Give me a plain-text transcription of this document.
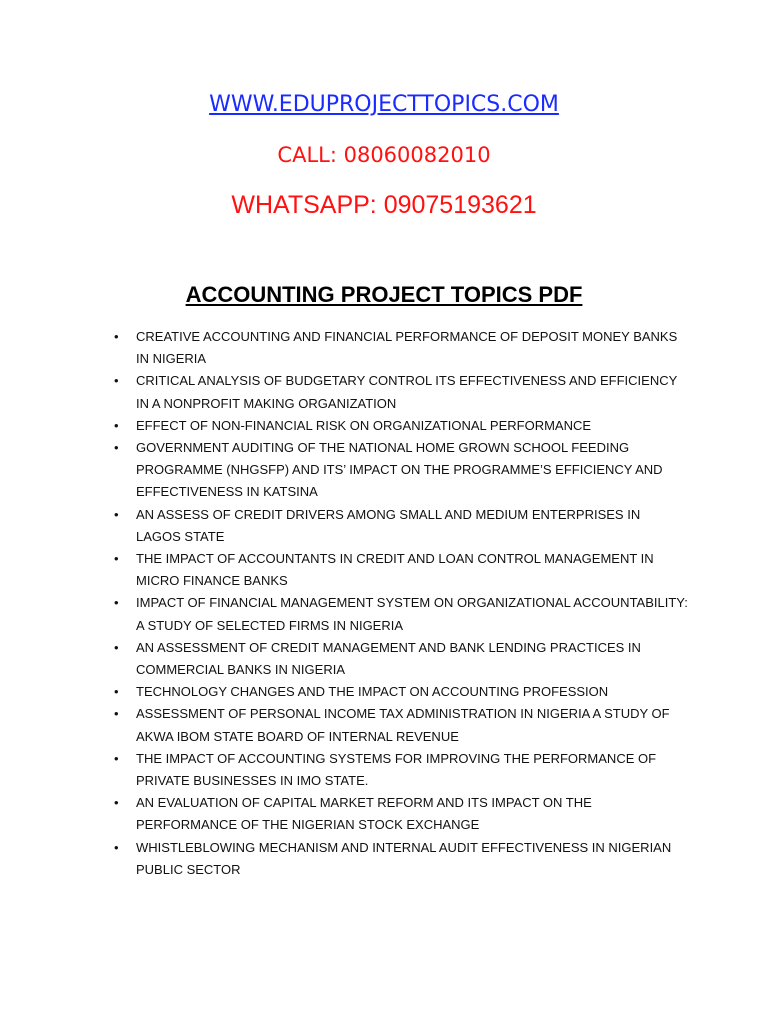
WWW.EDUPROJECTTOPICS.COM
CALL: 08060082010
WHATSAPP: 09075193621
ACCOUNTING PROJECT TOPICS PDF
• CREATIVE ACCOUNTING AND FINANCIAL PERFORMANCE OF DEPOSIT MONEY BANKS IN NIGERIA
• CRITICAL ANALYSIS OF BUDGETARY CONTROL ITS EFFECTIVENESS AND EFFICIENCY IN A NONPROFIT MAKING ORGANIZATION
• EFFECT OF NON-FINANCIAL RISK ON ORGANIZATIONAL PERFORMANCE
• GOVERNMENT AUDITING OF THE NATIONAL HOME GROWN SCHOOL FEEDING PROGRAMME (NHGSFP) AND ITS’ IMPACT ON THE PROGRAMME’S EFFICIENCY AND EFFECTIVENESS IN KATSINA
• AN ASSESS OF CREDIT DRIVERS AMONG SMALL AND MEDIUM ENTERPRISES IN LAGOS STATE
• THE IMPACT OF ACCOUNTANTS IN CREDIT AND LOAN CONTROL MANAGEMENT IN MICRO FINANCE BANKS
• IMPACT OF FINANCIAL MANAGEMENT SYSTEM ON ORGANIZATIONAL ACCOUNTABILITY: A STUDY OF SELECTED FIRMS IN NIGERIA
• AN ASSESSMENT OF CREDIT MANAGEMENT AND BANK LENDING PRACTICES IN COMMERCIAL BANKS IN NIGERIA
• TECHNOLOGY CHANGES AND THE IMPACT ON ACCOUNTING PROFESSION
• ASSESSMENT OF PERSONAL INCOME TAX ADMINISTRATION IN NIGERIA A STUDY OF AKWA IBOM STATE BOARD OF INTERNAL REVENUE
• THE IMPACT OF ACCOUNTING SYSTEMS FOR IMPROVING THE PERFORMANCE OF PRIVATE BUSINESSES IN IMO STATE.
• AN EVALUATION OF CAPITAL MARKET REFORM AND ITS IMPACT ON THE PERFORMANCE OF THE NIGERIAN STOCK EXCHANGE
• WHISTLEBLOWING MECHANISM AND INTERNAL AUDIT EFFECTIVENESS IN NIGERIAN PUBLIC SECTOR
